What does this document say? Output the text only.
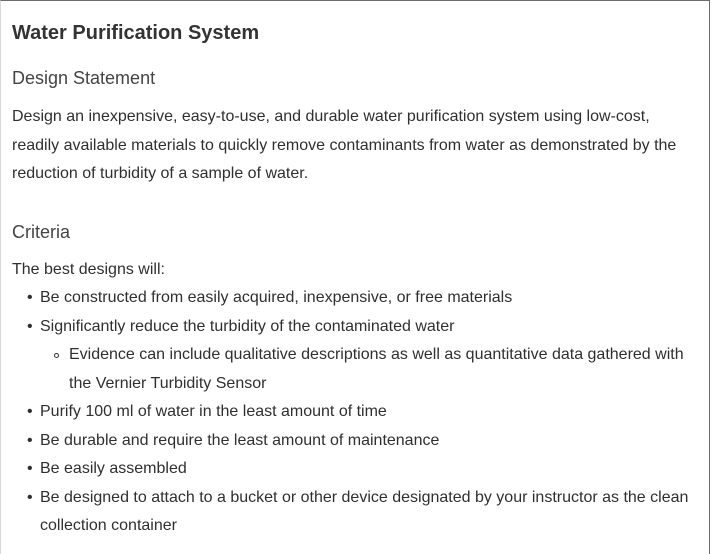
Water Purification System
Design Statement

Design an inexpensive, easy-to-use, and durable water purification system using low-cost, readily available materials to quickly remove contaminants from water as demonstrated by the reduction of turbidity of a sample of water.

Criteria

The best designs will:

• Be constructed from easily acquired, inexpensive, or free materials
• Significantly reduce the turbidity of the contaminated water
Evidence can include qualitative descriptions as well as quantitative data gathered with the Vernier Turbidity Sensor
• Purify 100 ml of water in the least amount of time
• Be durable and require the least amount of maintenance
• Be easily assembled
• Be designed to attach to a bucket or other device designated by your instructor as the clean collection container
